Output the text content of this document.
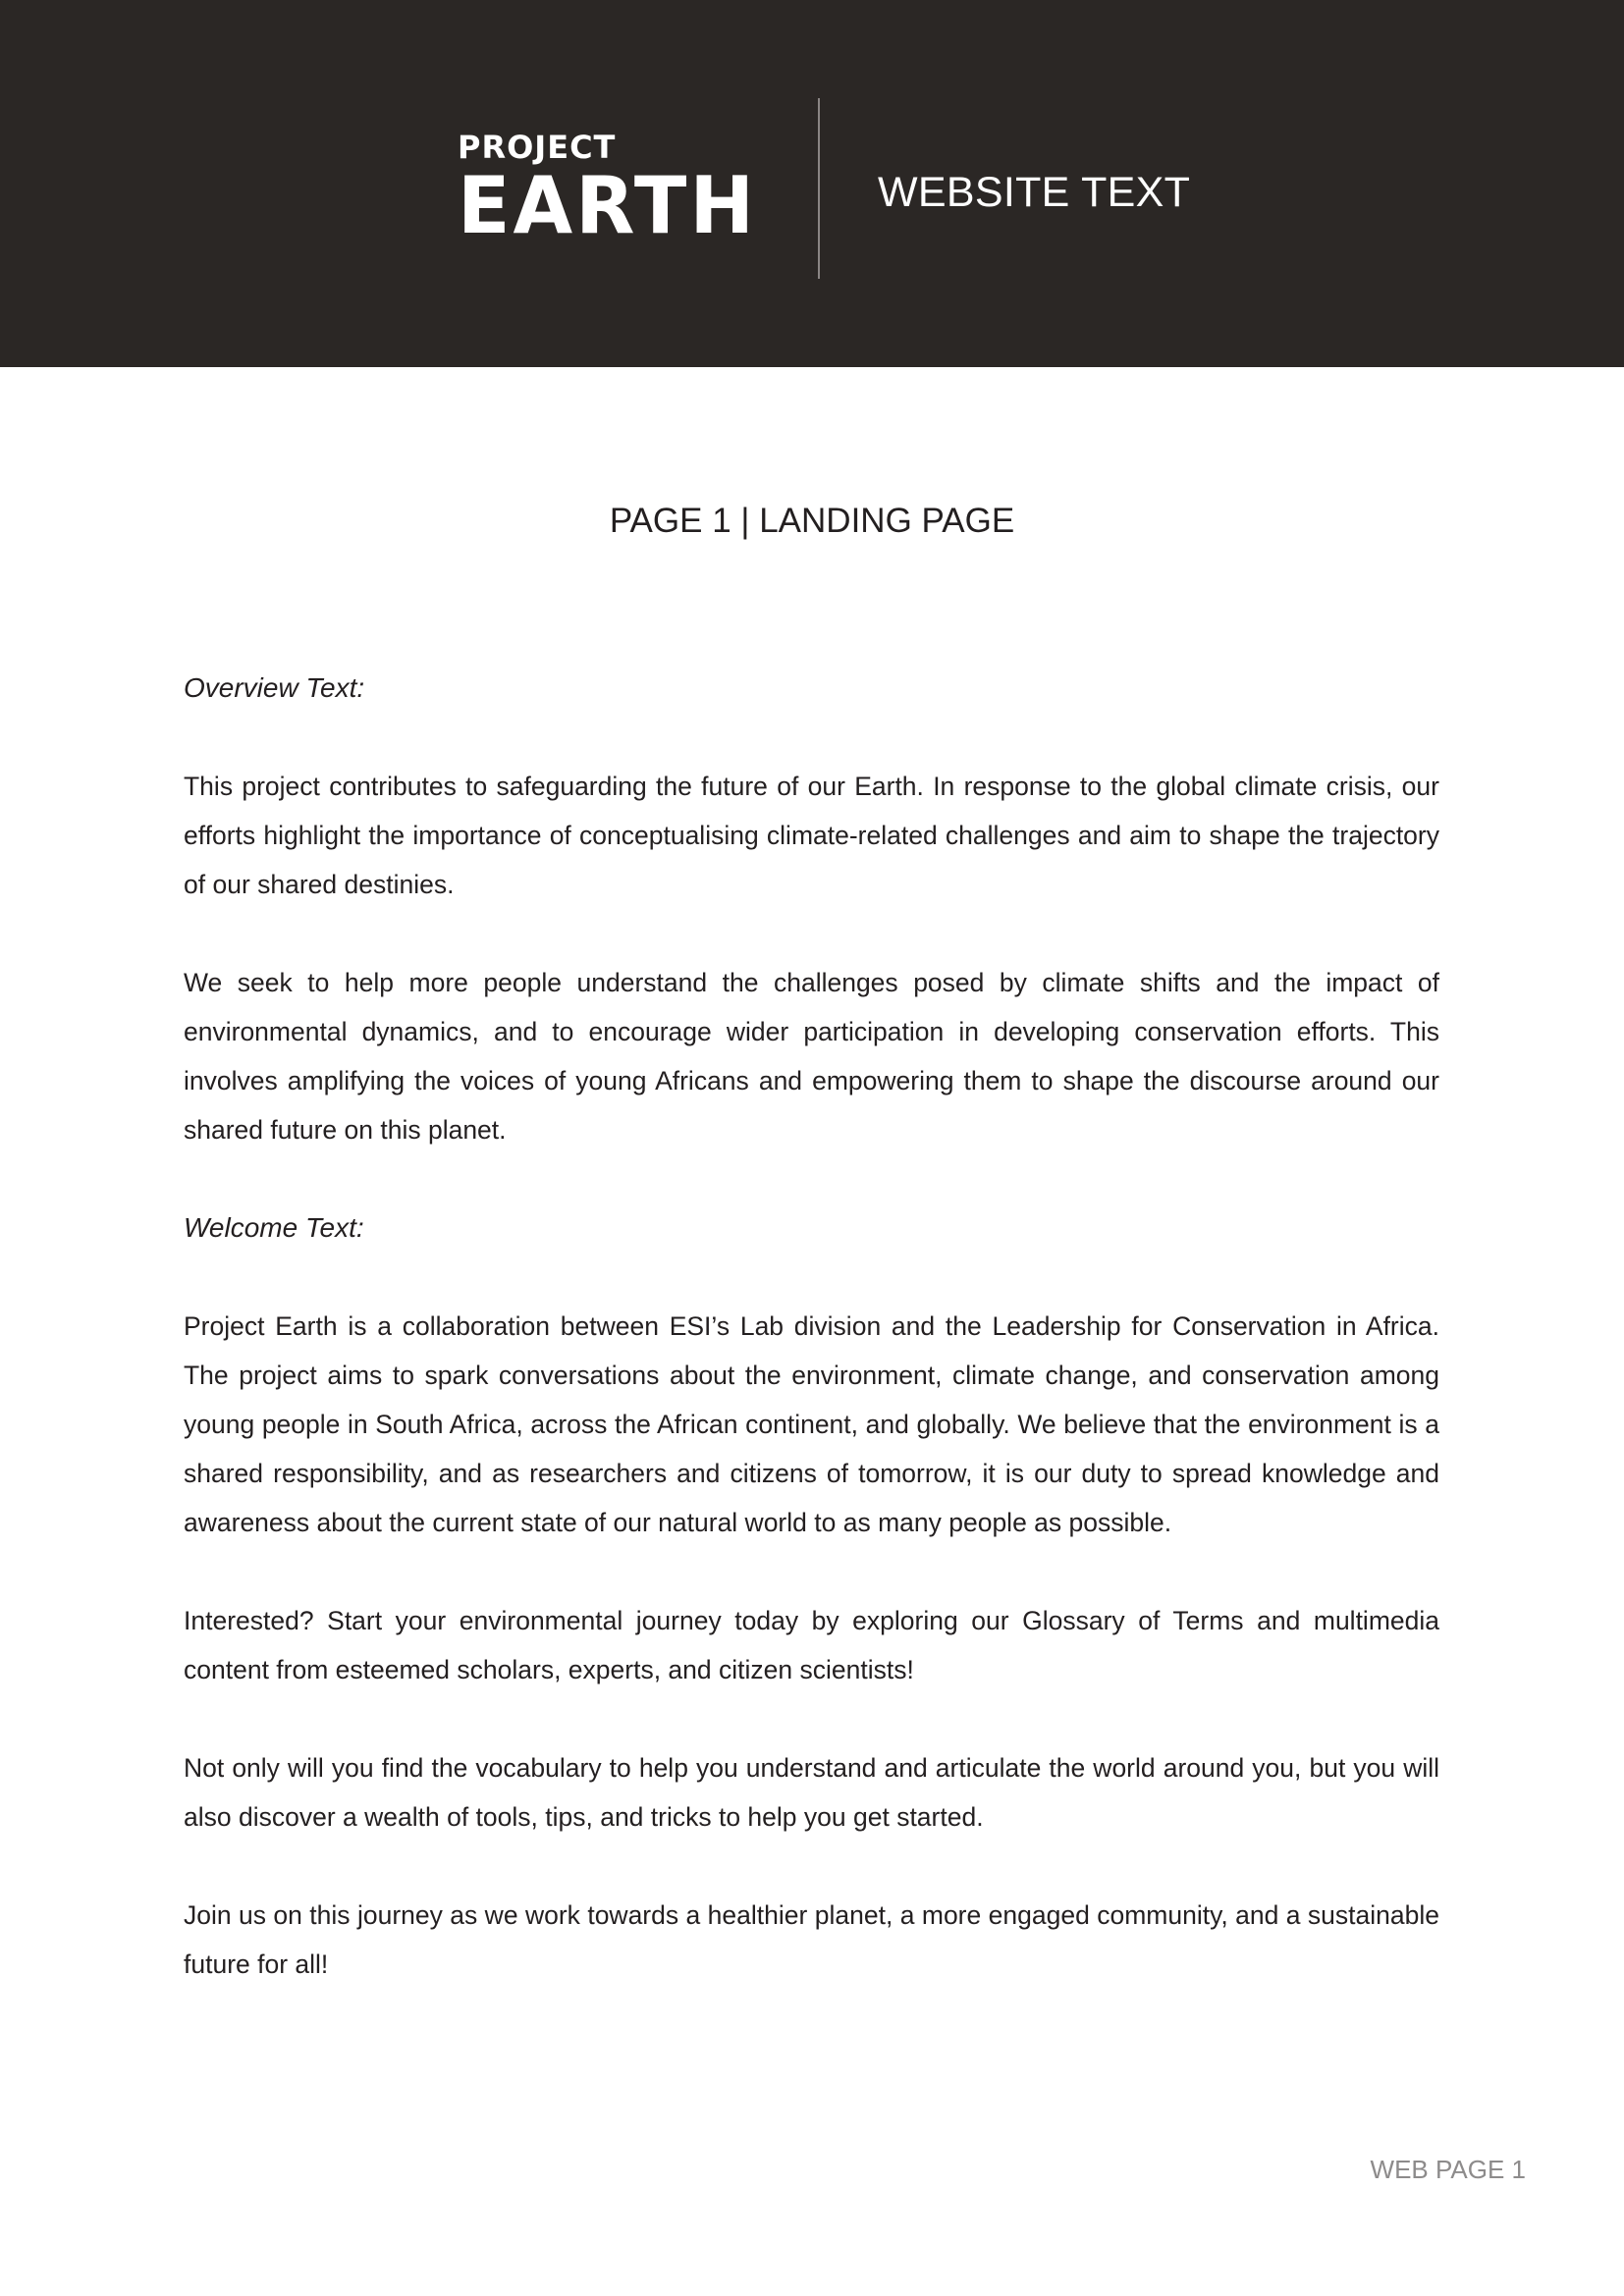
PROJECT
EARTH	WEBSITE TEXT
PAGE 1 | LANDING PAGE
Overview Text:

This project contributes to safeguarding the future of our Earth. In response to the global climate crisis, our efforts highlight the importance of conceptualising climate-related challenges and aim to shape the trajectory of our shared destinies.

We seek to help more people understand the challenges posed by climate shifts and the impact of environmental dynamics, and to encourage wider participation in developing conservation efforts. This involves amplifying the voices of young Africans and empowering them to shape the discourse around our shared future on this planet.

Welcome Text:

Project Earth is a collaboration between ESI’s Lab division and the Leadership for Conservation in Africa. The project aims to spark conversations about the environment, climate change, and conservation among young people in South Africa, across the African continent, and globally. We believe that the environment is a shared responsibility, and as researchers and citizens of tomorrow, it is our duty to spread knowledge and awareness about the current state of our natural world to as many people as possible.

Interested? Start your environmental journey today by exploring our Glossary of Terms and multimedia content from esteemed scholars, experts, and citizen scientists!

Not only will you find the vocabulary to help you understand and articulate the world around you, but you will also discover a wealth of tools, tips, and tricks to help you get started.

Join us on this journey as we work towards a healthier planet, a more engaged community, and a sustainable future for all!

WEB PAGE 1
